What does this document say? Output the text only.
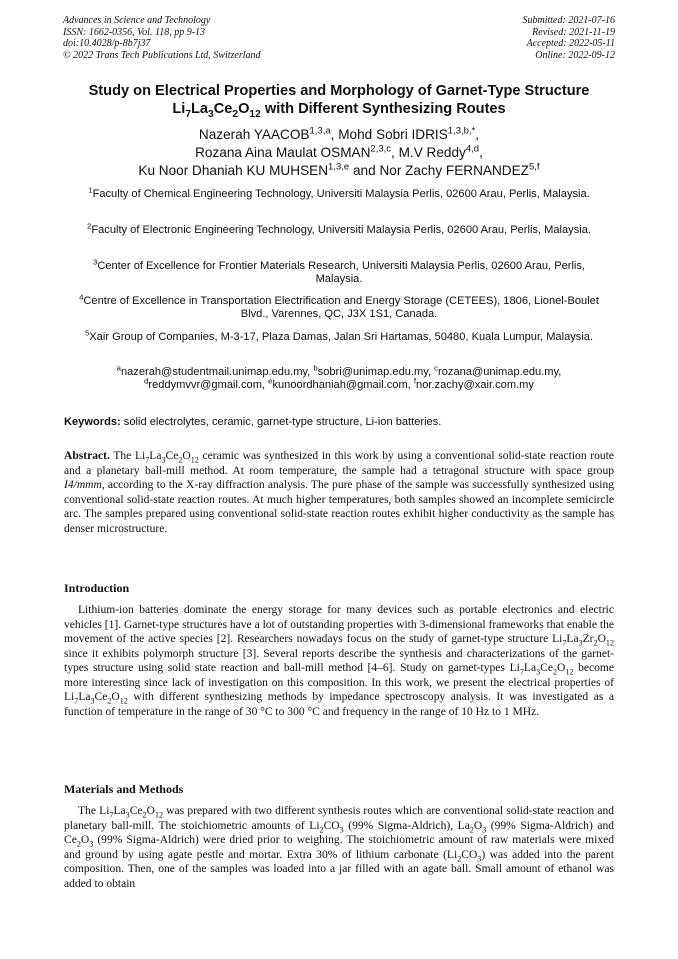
Advances in Science and Technology
ISSN: 1662-0356, Vol. 118, pp 9-13
doi:10.4028/p-8b7j37
© 2022 Trans Tech Publications Ltd, Switzerland
Submitted: 2021-07-16
Revised: 2021-11-19
Accepted: 2022-05-11
Online: 2022-09-12
Study on Electrical Properties and Morphology of Garnet-Type Structure
$Li_7La_3Ce_2O_{12}$ with Different Synthesizing Routes
Nazerah YAACOB$^{1,3,a}$, Mohd Sobri $IDRIS^{1,3,b,*}$,
Rozana Aina Maulat OSMAN$^{2,3,c}$, M.V Reddy$^{4,d}$,
Ku Noor Dhaniah KU MUHSEN$^{1,3,e}$ and Nor Zachy FERNANDEZ$^{5,f}$
$^1$Faculty of Chemical Engineering Technology, Universiti Malaysia Perlis, 02600 Arau, Perlis, Malaysia.
$^2$Faculty of Electronic Engineering Technology, Universiti Malaysia Perlis, 02600 Arau, Perlis, Malaysia.
$^3$Center of Excellence for Frontier Materials Research, Universiti Malaysia Perlis, 02600 Arau, Perlis, Malaysia.
$^4$Centre of Excellence in Transportation Electrification and Energy Storage (CETEES), 1806, Lionel-Boulet Blvd., Varennes, QC, J3X 1S1, Canada.
$^5$Xair Group of Companies, M-3-17, Plaza Damas, Jalan Sri Hartamas, 50480, Kuala Lumpur, Malaysia.
$^a$nazerah@studentmail.unimap.edu.my, $^b$sobri@unimap.edu.my, $^c$rozana@unimap.edu.my,
$^d$reddymvvr@gmail.com, $^e$kunoordhaniah@gmail.com, $^f$nor.zachy@xair.com.my
Keywords: solid electrolytes, ceramic, garnet-type structure, Li-ion batteries.
Abstract. The $Li_7La_3Ce_2O_{12}$ ceramic was synthesized in this work by using a conventional solid-state reaction route and a planetary ball-mill method. At room temperature, the sample had a tetragonal structure with space group I4/mmm, according to the X-ray diffraction analysis. The pure phase of the sample was successfully synthesized using conventional solid-state reaction routes. At much higher temperatures, both samples showed an incomplete semicircle arc. The samples prepared using conventional solid-state reaction routes exhibit higher conductivity as the sample has denser microstructure.
Introduction
Lithium-ion batteries dominate the energy storage for many devices such as portable electronics and electric vehicles [1]. Garnet-type structures have a lot of outstanding properties with 3-dimensional frameworks that enable the movement of the active species [2]. Researchers nowadays focus on the study of garnet-type structure $Li_7La_3Zr_2O_{12}$ since it exhibits polymorph structure [3]. Several reports describe the synthesis and characterizations of the garnet-types structure using solid state reaction and ball-mill method [4–6]. Study on garnet-types $Li_7La_3Ce_2O_{12}$ become more interesting since lack of investigation on this composition. In this work, we present the electrical properties of $Li_7La_3Ce_2O_{12}$ with different synthesizing methods by impedance spectroscopy analysis. It was investigated as a function of temperature in the range of 30 °C to 300 °C and frequency in the range of 10 Hz to 1 MHz.
Materials and Methods
The $Li_7La_3Ce_2O_{12}$ was prepared with two different synthesis routes which are conventional solid-state reaction and planetary ball-mill. The stoichiometric amounts of $Li_2CO_3$ (99% Sigma-Aldrich), $La_2O_3$ (99% Sigma-Aldrich) and $Ce_2O_3$ (99% Sigma-Aldrich) were dried prior to weighing. The stoichiometric amount of raw materials were mixed and ground by using agate pestle and mortar. Extra 30% of lithium carbonate $(Li_2CO_3)$ was added into the parent composition. Then, one of the samples was loaded into a jar filled with an agate ball. Small amount of ethanol was added to obtain
